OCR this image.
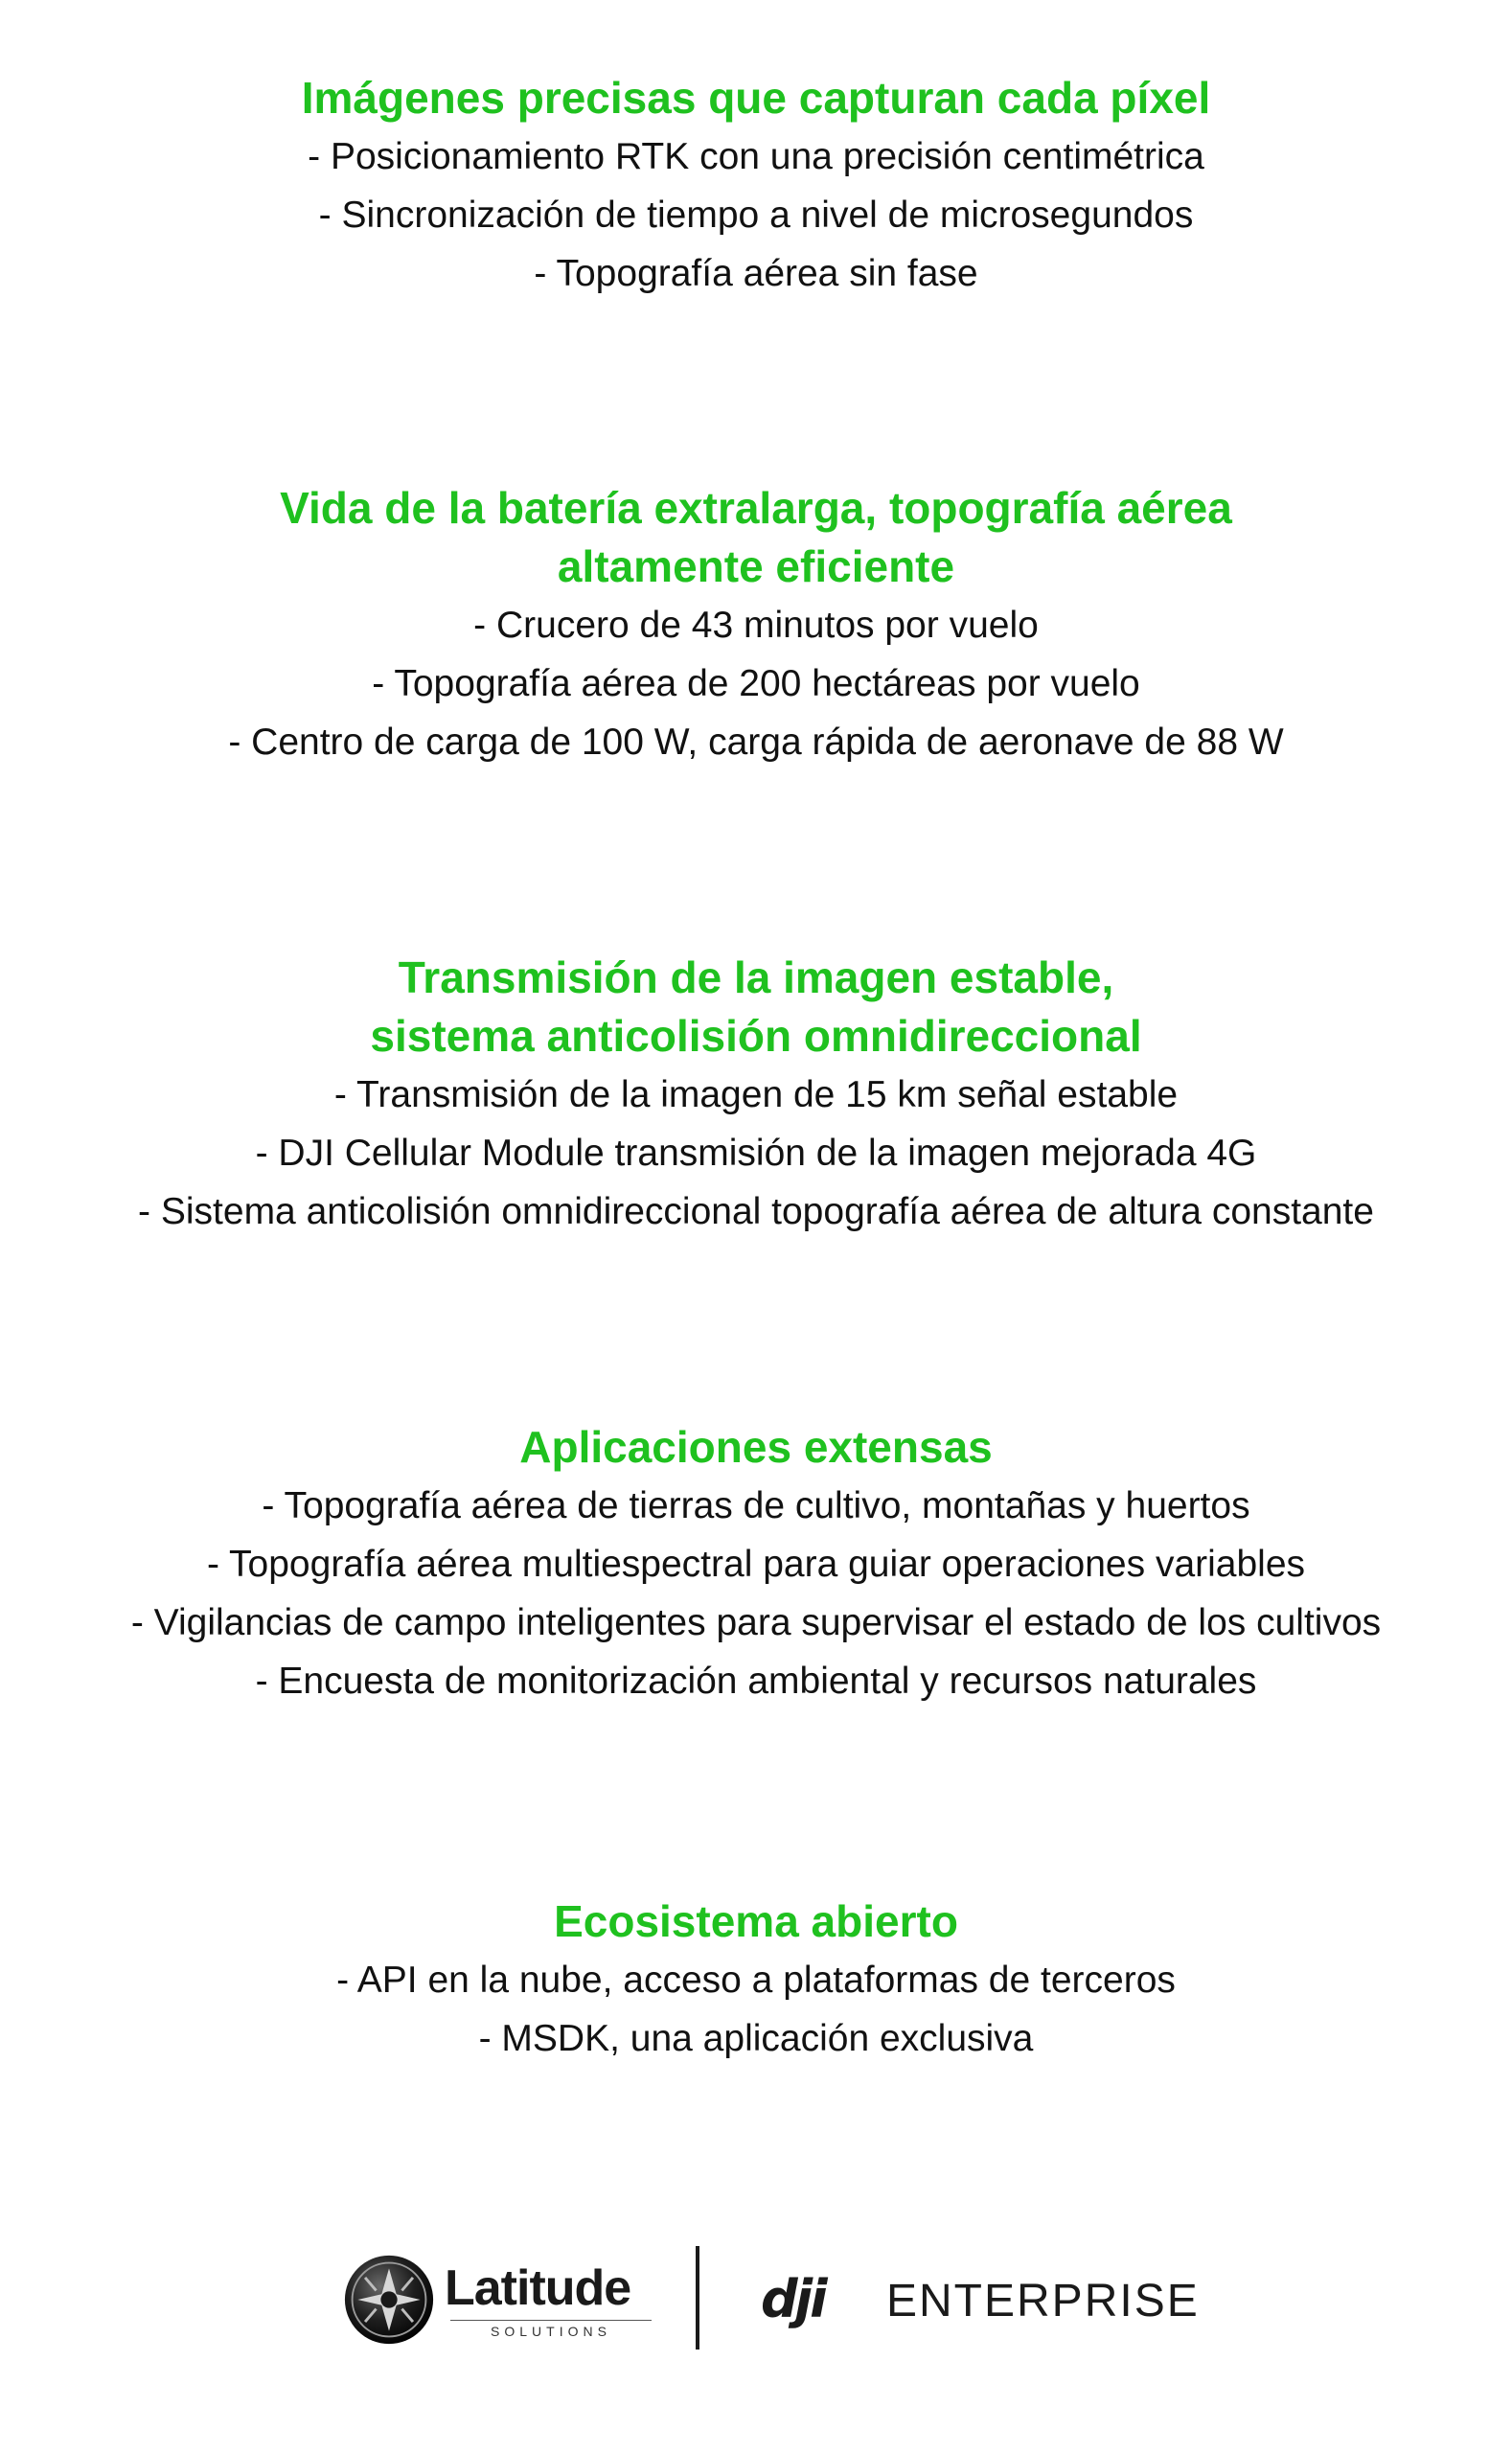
Imágenes precisas que capturan cada píxel
- Posicionamiento RTK con una precisión centimétrica
- Sincronización de tiempo a nivel de microsegundos
- Topografía aérea sin fase
Vida de la batería extralarga, topografía aérea
altamente eficiente
- Crucero de 43 minutos por vuelo
- Topografía aérea de 200 hectáreas por vuelo
- Centro de carga de 100 W, carga rápida de aeronave de 88 W
Transmisión de la imagen estable,
sistema anticolisión omnidireccional
- Transmisión de la imagen de 15 km señal estable
- DJI Cellular Module transmisión de la imagen mejorada 4G
- Sistema anticolisión omnidireccional topografía aérea de altura constante
Aplicaciones extensas
- Topografía aérea de tierras de cultivo, montañas y huertos
- Topografía aérea multiespectral para guiar operaciones variables
- Vigilancias de campo inteligentes para supervisar el estado de los cultivos
- Encuesta de monitorización ambiental y recursos naturales
Ecosistema abierto
- API en la nube, acceso a plataformas de terceros
- MSDK, una aplicación exclusiva
Latitude
SOLUTIONS
dji ENTERPRISE
